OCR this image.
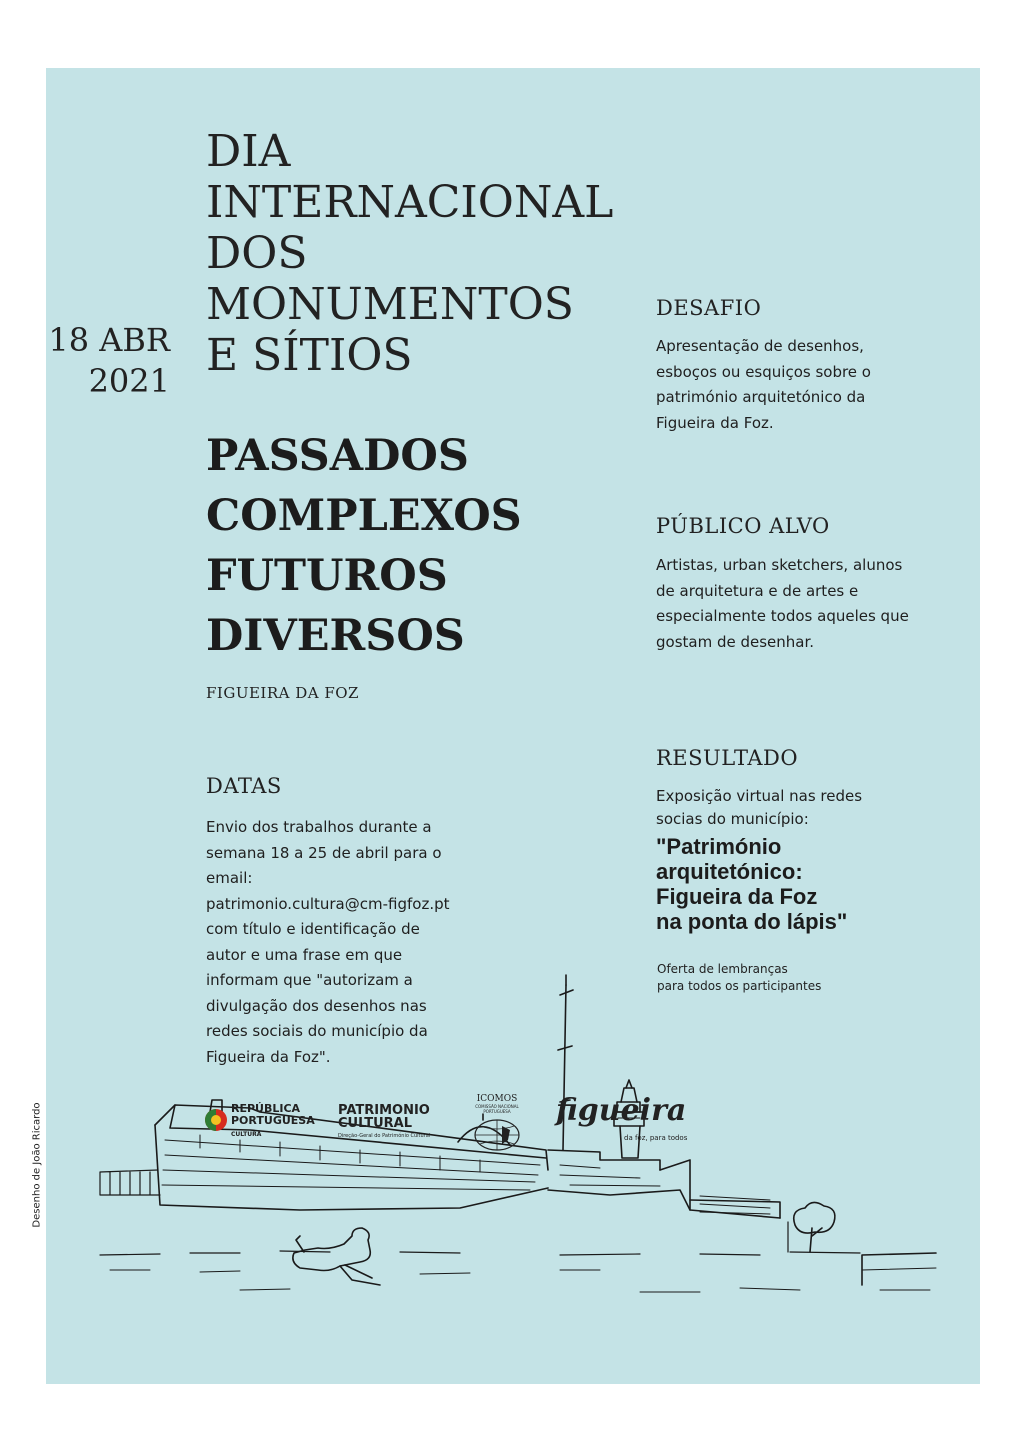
DIA
INTERNACIONAL
DOS
MONUMENTOS
E SÍTIOS
18 ABR
2021
PASSADOS
COMPLEXOS
FUTUROS
DIVERSOS
FIGUEIRA DA FOZ
DATAS
Envio dos trabalhos durante a
semana 18 a 25 de abril para o
email:
patrimonio.cultura@cm-figfoz.pt
com título e identificação de
autor e uma frase em que
informam que "autorizam a
divulgação dos desenhos nas
redes sociais do município da
Figueira da Foz".
DESAFIO
Apresentação de desenhos,
esboços ou esquiços sobre o
património arquitetónico da
Figueira da Foz.
PÚBLICO ALVO
Artistas, urban sketchers, alunos
de arquitetura e de artes e
especialmente todos aqueles que
gostam de desenhar.
RESULTADO
Exposição virtual nas redes
socias do município:
"Património
arquitetónico:
Figueira da Foz
na ponta do lápis"
Oferta de lembranças
para todos os participantes
Desenho de João Ricardo	REPÚBLICA
PORTUGUESA
CULTURA
PATRIMONIO
CULTURAL
Direção-Geral do Património Cultural
ICOMOS
COMISSÃO NACIONAL
PORTUGUESA	figueira
da foz, para todos
